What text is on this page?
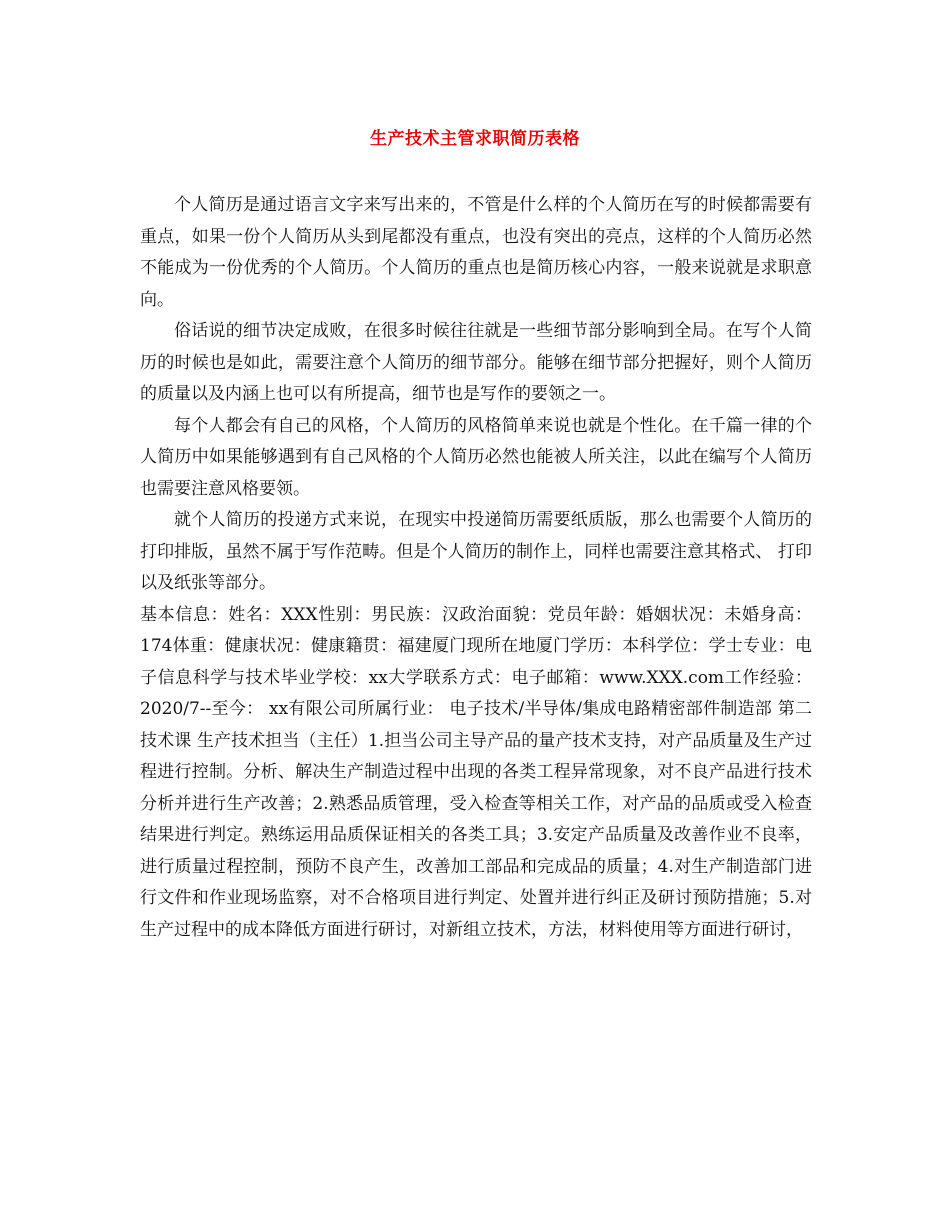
生产技术主管求职简历表格

个人简历是通过语言文字来写出来的，不管是什么样的个人简历在写的时候都需要有重点，如果一份个人简历从头到尾都没有重点，也没有突出的亮点，这样的个人简历必然不能成为一份优秀的个人简历。个人简历的重点也是简历核心内容，一般来说就是求职意向。

俗话说的细节决定成败，在很多时候往往就是一些细节部分影响到全局。在写个人简历的时候也是如此，需要注意个人简历的细节部分。能够在细节部分把握好，则个人简历的质量以及内涵上也可以有所提高，细节也是写作的要领之一。

每个人都会有自己的风格，个人简历的风格简单来说也就是个性化。在千篇一律的个人简历中如果能够遇到有自己风格的个人简历必然也能被人所关注，以此在编写个人简历也需要注意风格要领。

就个人简历的投递方式来说，在现实中投递简历需要纸质版，那么也需要个人简历的打印排版，虽然不属于写作范畴。但是个人简历的制作上，同样也需要注意其格式、 打印以及纸张等部分。

基本信息：姓名：XXX性别：男民族：汉政治面貌：党员年龄：婚姻状况：未婚身高：174体重：健康状况：健康籍贯：福建厦门现所在地厦门学历：本科学位：学士专业：电子信息科学与技术毕业学校：xx大学联系方式：电子邮箱：www.XXX.com工作经验：2020/7--至今： xx有限公司所属行业： 电子技术/半导体/集成电路精密部件制造部 第二技术课 生产技术担当（主任）1.担当公司主导产品的量产技术支持，对产品质量及生产过程进行控制。分析、解决生产制造过程中出现的各类工程异常现象，对不良产品进行技术分析并进行生产改善；2.熟悉品质管理，受入检查等相关工作，对产品的品质或受入检查结果进行判定。熟练运用品质保证相关的各类工具；3.安定产品质量及改善作业不良率，进行质量过程控制，预防不良产生，改善加工部品和完成品的质量；4.对生产制造部门进行文件和作业现场监察，对不合格项目进行判定、处置并进行纠正及研讨预防措施；5.对生产过程中的成本降低方面进行研讨，对新组立技术，方法，材料使用等方面进行研讨，
